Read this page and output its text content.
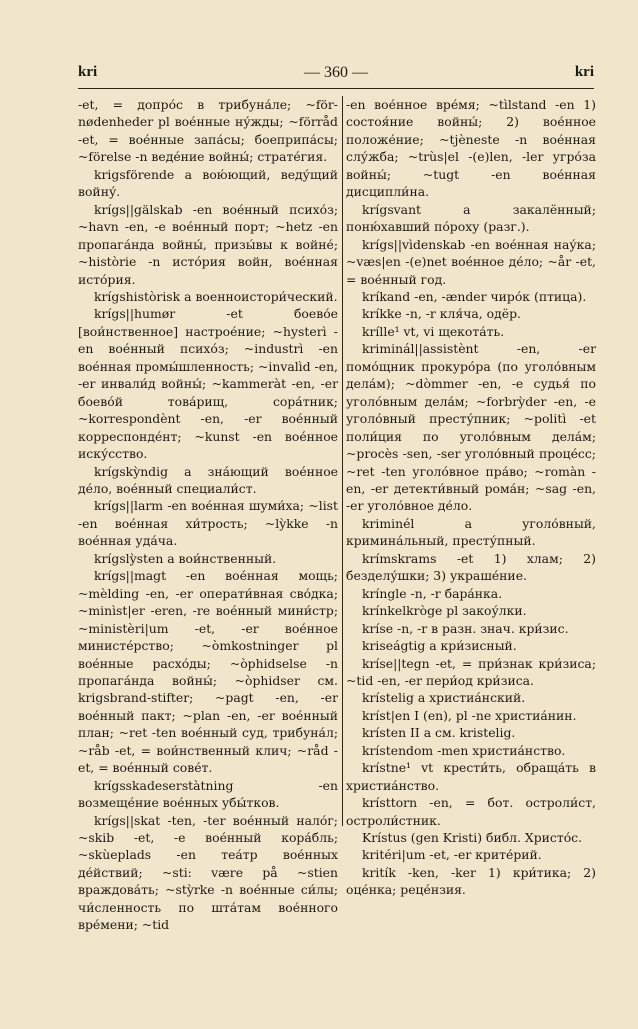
kri	— 360 —	kri

-et, = допро́с в трибуна́ле; ~för-nødenheder pl вое́нные ну́жды; ~förråd -et, = вое́нные запа́сы; боеприпа́сы; ~förelse -n веде́ние войны́; страте́гия.

krigsförende a вою́ющий, веду́щий войну́.

krígs||gälskab -en вое́нный психо́з; ~havn -en, -e вое́нный порт; ~hetz -en пропага́нда войны́, призы́вы к войне́; ~històrie -n исто́рия войн, вое́нная исто́рия.

krígshistòrisk a военноистори́ческий.

krígs||humør -et боево́е [вои́нственное] настрое́ние; ~hysterì -en вое́нный психо́з; ~industrì -en вое́нная промы́шленность; ~invalìd -en, -er инвали́д войны́; ~kammeràt -en, -er боево́й това́рищ, сора́тник; ~korrespondènt -en, -er вое́нный корреспонде́нт; ~kunst -en вое́нное иску́сство.

krígskỳndig a зна́ющий вое́нное де́ло, вое́нный специали́ст.

krígs||larm -en вое́нная шуми́ха; ~list -en вое́нная хи́трость; ~lỳkke -n вое́нная уда́ча.

krígslỳsten a вои́нственный.

krígs||magt -en вое́нная мощь; ~mèlding -en, -er операти́вная сво́дка; ~minìst|er -eren, -re вое́нный мини́стр; ~ministèri|um -et, -er вое́нное министе́рство; ~òmkostninger pl вое́нные расхо́ды; ~òphidselse -n пропага́нда войны́; ~òphidser см. krigsbrand-stifter; ~pagt -en, -er вое́нный пакт; ~plan -en, -er вое́нный план; ~ret -ten вое́нный суд, трибуна́л; ~råb -et, = вои́нственный клич; ~råd -et, = вое́нный сове́т.

krígsskadeserstàtning -en возмеще́ние вое́нных убы́тков.

krígs||skat -ten, -ter вое́нный нало́г; ~skib -et, -e вое́нный кора́бль; ~skùeplads -en теа́тр вое́нных де́йствий; ~sti: være på ~stien враждова́ть; ~stỳrke -n вое́нные си́лы; чи́сленность по шта́там вое́нного вре́мени; ~tid

-en вое́нное вре́мя; ~tìlstand -en 1) состоя́ние войны́; 2) вое́нное положе́ние; ~tjèneste -n вое́нная слу́жба; ~trùs|el -(e)len, -ler угро́за войны́; ~tugt -en вое́нная дисципли́на.

krígsvant a закалённый; поню́хавший по́роху (разг.).

krígs||vìdenskab -en вое́нная нау́ка; ~væs|en -(e)net вое́нное де́ло; ~år -et, = вое́нный год.

kríkand -en, -ænder чиро́к (птица).

kríkke -n, -r кля́ча, одёр.

krílle¹ vt, vi щекота́ть.

kriminál||assistènt -en, -er помо́щник прокуро́ра (по уголо́вным дела́м); ~dòmmer -en, -e судья́ по уголо́вным дела́м; ~forbrỳder -en, -e уголо́вный престу́пник; ~politì -et поли́ция по уголо́вным дела́м; ~procès -sen, -ser уголо́вный проце́сс; ~ret -ten уголо́вное пра́во; ~romàn -en, -er детекти́вный рома́н; ~sag -en, -er уголо́вное де́ло.

kriminél a уголо́вный, кримина́льный, престу́пный.

krímskrams -et 1) хлам; 2) безделу́шки; 3) украше́ние.

kríngle -n, -r бара́нка.

krínkelkròge pl закоу́лки.

kríse -n, -r в разн. знач. кри́зис.

kriseágtig a кри́зисный.

kríse||tegn -et, = при́знак кри́зиса; ~tid -en, -er пери́од кри́зиса.

krístelig a христиа́нский.

kríst|en I (en), pl -ne христиа́нин.

krísten II a см. kristelig.

krístendom -men христиа́нство.

krístne¹ vt крести́ть, обраща́ть в христиа́нство.

krísttorn -en, = бот. остроли́ст, остроли́стник.

Krístus (gen Kristi) библ. Христо́с.

kritéri|um -et, -er крите́рий.

kritík -ken, -ker 1) кри́тика; 2) оце́нка; реце́нзия.
